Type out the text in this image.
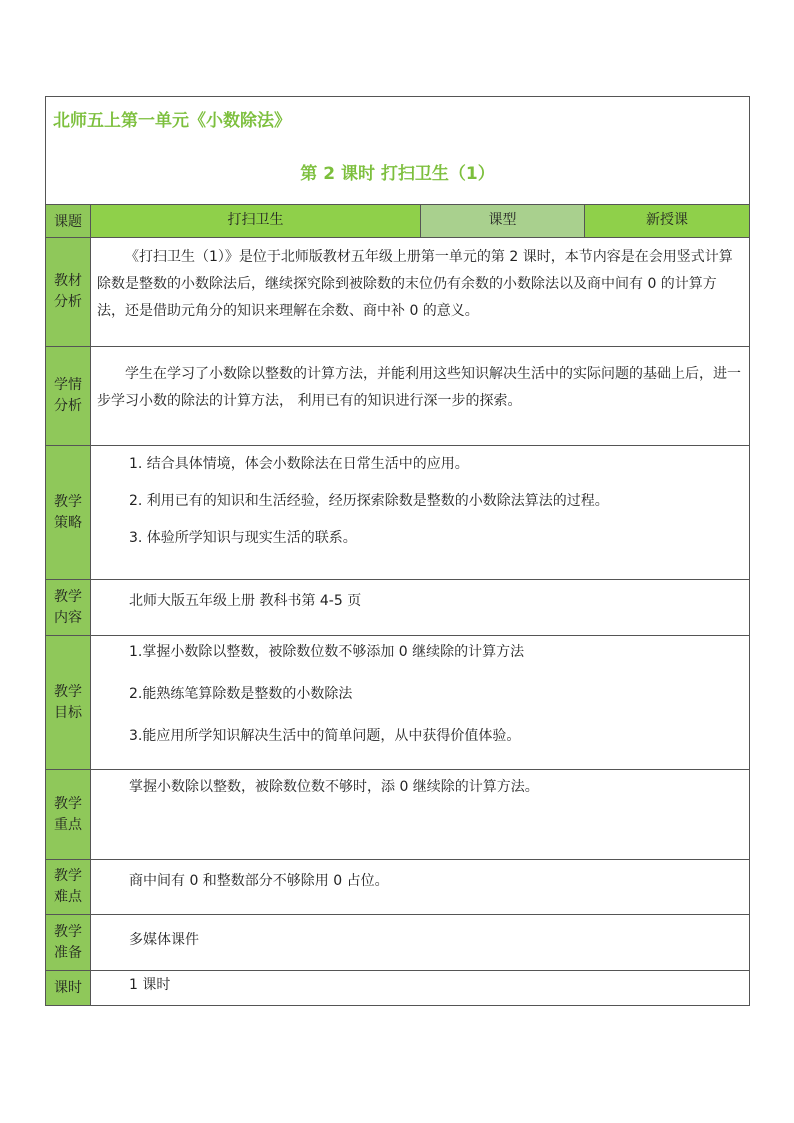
北师五上第一单元《小数除法》
第 2 课时 打扫卫生（1）			

课题	打扫卫生	课型	新授课
教材分析	《打扫卫生（1）》是位于北师版教材五年级上册第一单元的第 2 课时，本节内容是在会用竖式计算除数是整数的小数除法后，继续探究除到被除数的末位仍有余数的小数除法以及商中间有 0 的计算方法，还是借助元角分的知识来理解在余数、商中补 0 的意义。		

学情分析	学生在学习了小数除以整数的计算方法，并能利用这些知识解决生活中的实际问题的基础上后，进一步学习小数的除法的计算方法， 利用已有的知识进行深一步的探索。		

教学策略	1. 结合具体情境，体会小数除法在日常生活中的应用。
2. 利用已有的知识和生活经验，经历探索除数是整数的小数除法算法的过程。
3. 体验所学知识与现实生活的联系。		

教学内容	北师大版五年级上册 教科书第 4-5 页		

教学目标	1.掌握小数除以整数，被除数位数不够添加 0 继续除的计算方法
2.能熟练笔算除数是整数的小数除法
3.能应用所学知识解决生活中的简单问题，从中获得价值体验。		

教学重点	掌握小数除以整数，被除数位数不够时，添 0 继续除的计算方法。		

教学难点	商中间有 0 和整数部分不够除用 0 占位。		

教学准备	多媒体课件		

课时	1 课时		
